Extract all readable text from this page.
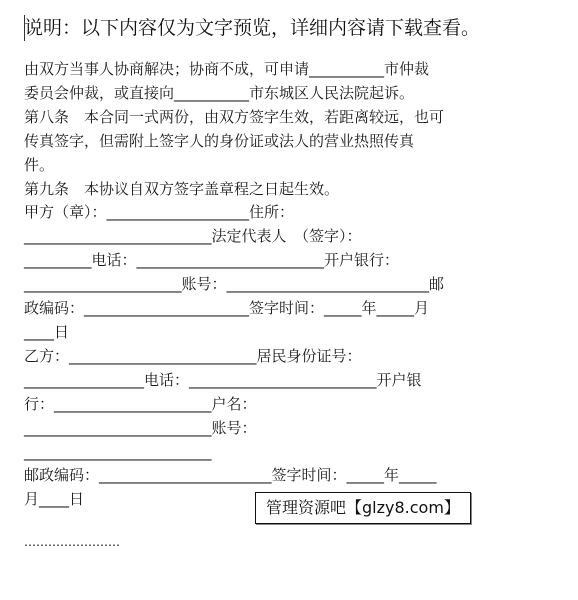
说明：以下内容仅为文字预览，详细内容请下载查看。
由双方当事人协商解决；协商不成，可申请__________市仲裁
委员会仲裁，或直接向__________市东城区人民法院起诉。
第八条　本合同一式两份，由双方签字生效，若距离较远，也可
传真签字，但需附上签字人的身份证或法人的营业热照传真
件。
第九条　本协议自双方签字盖章程之日起生效。
甲方（章）：___________________住所：
_________________________法定代表人　（签字）：
_________电话：_________________________开户银行：
_____________________账号：___________________________邮
政编码：______________________签字时间：_____年_____月
____日
乙方：_________________________居民身份证号：
________________电话：_________________________开户银
行：_____________________户名：
_________________________账号：
_________________________
邮政编码：_______________________签字时间：_____年_____
月____日	管理资源吧【glzy8.com】
……………………
